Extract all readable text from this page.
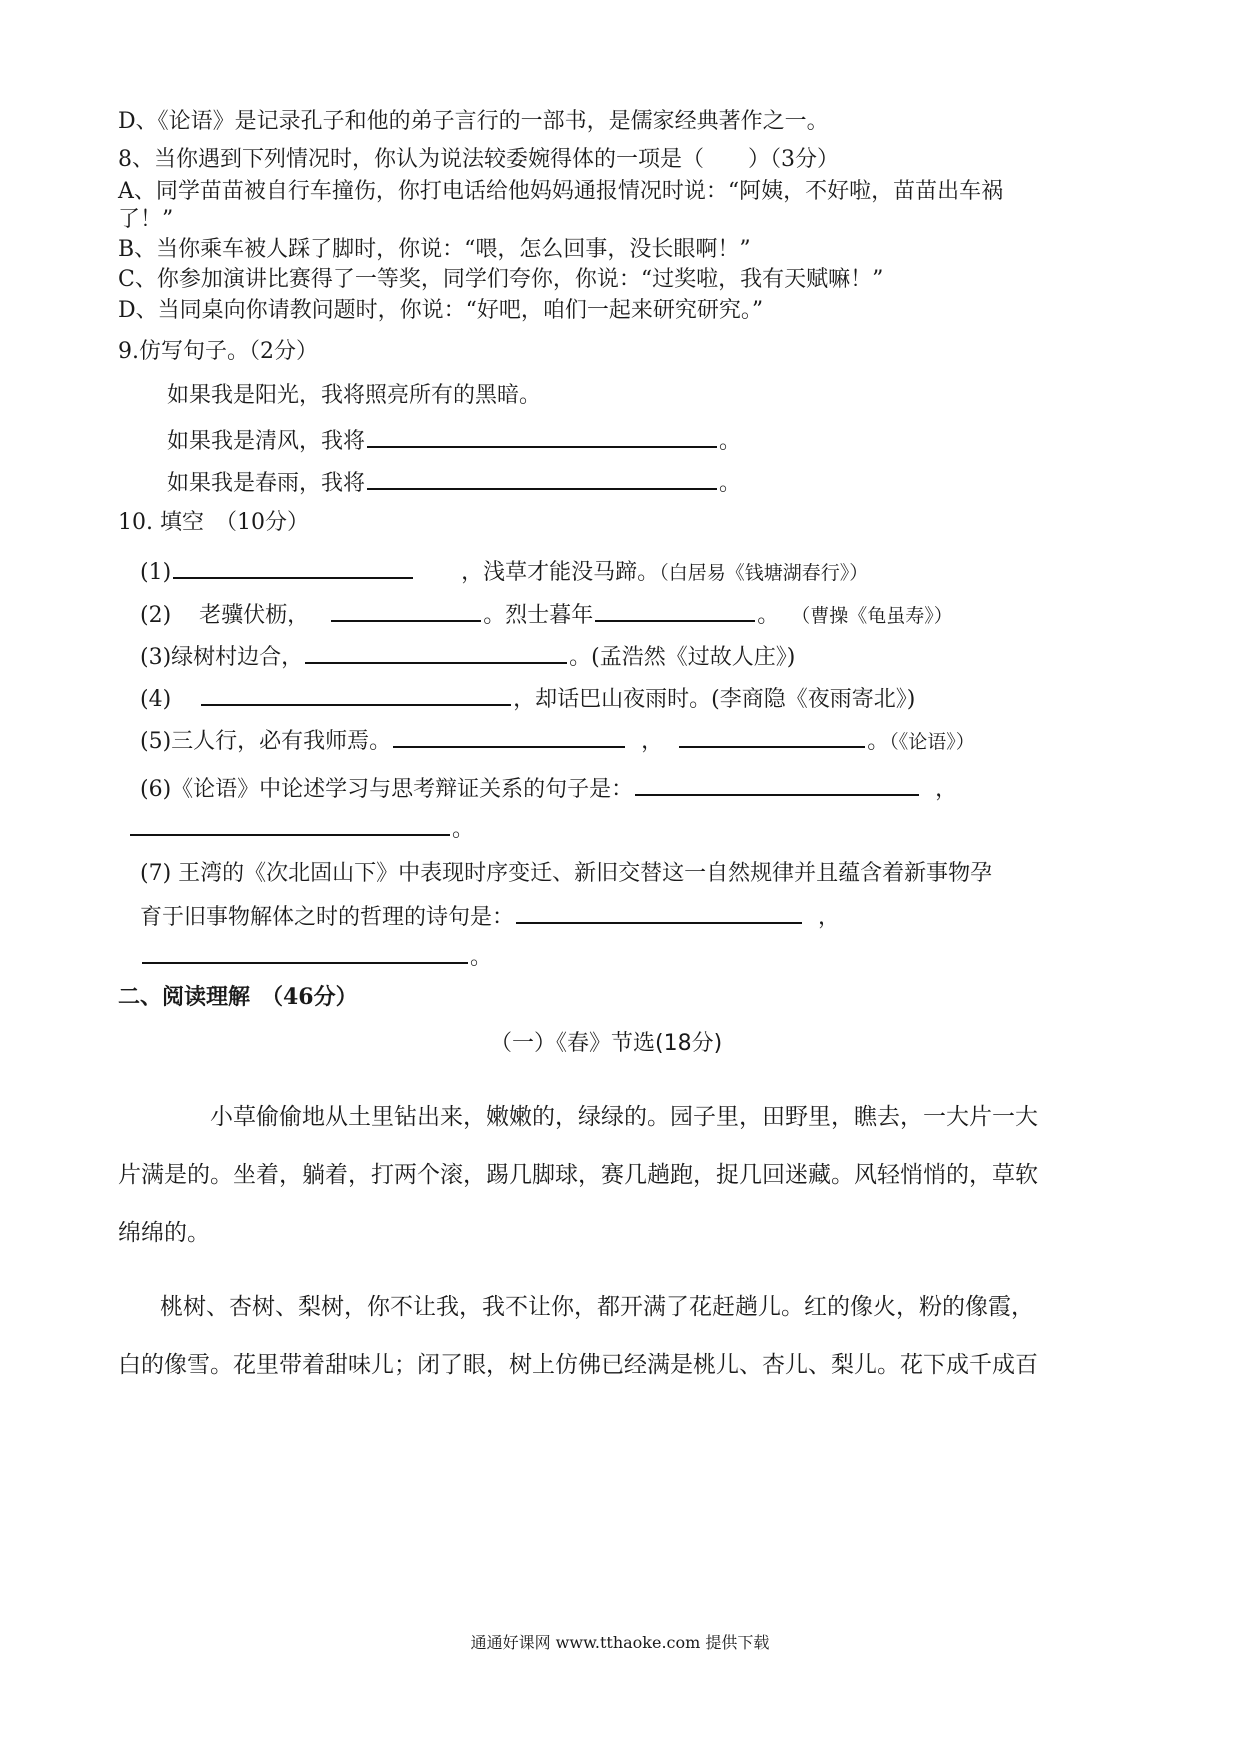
D、《论语》是记录孔子和他的弟子言行的一部书，是儒家经典著作之一。
8、当你遇到下列情况时，你认为说法较委婉得体的一项是（　　）（3分）
A、同学苗苗被自行车撞伤，你打电话给他妈妈通报情况时说：“阿姨，不好啦，苗苗出车祸
了！”
B、当你乘车被人踩了脚时，你说：“喂，怎么回事，没长眼啊！”
C、你参加演讲比赛得了一等奖，同学们夸你，你说：“过奖啦，我有天赋嘛！”
D、当同桌向你请教问题时，你说：“好吧，咱们一起来研究研究。”
9.仿写句子。（2分）
如果我是阳光，我将照亮所有的黑暗。
如果我是清风，我将	。
如果我是春雨，我将	。
10. 填空　（10分）
(1)	，浅草才能没马蹄。（白居易《钱塘湖春行》）
(2) 老骥伏枥，	。烈士暮年	。 （曹操《龟虽寿》）
(3)绿树村边合，	。(孟浩然《过故人庄》)
(4)	，却话巴山夜雨时。(李商隐《夜雨寄北》)
(5)三人行，必有我师焉。	，	。（《论语》）
(6)《论语》中论述学习与思考辩证关系的句子是：	，
。
(7) 王湾的《次北固山下》中表现时序变迁、新旧交替这一自然规律并且蕴含着新事物孕
育于旧事物解体之时的哲理的诗句是：	，
。
二、阅读理解　（46分）
（一）《春》节选(18分)
小草偷偷地从土里钻出来，嫩嫩的，绿绿的。园子里，田野里，瞧去，一大片一大
片满是的。坐着，躺着，打两个滚，踢几脚球，赛几趟跑，捉几回迷藏。风轻悄悄的，草软
绵绵的。
桃树、杏树、梨树，你不让我，我不让你，都开满了花赶趟儿。红的像火，粉的像霞，
白的像雪。花里带着甜味儿；闭了眼，树上仿佛已经满是桃儿、杏儿、梨儿。花下成千成百
通通好课网 www.tthaoke.com 提供下载
